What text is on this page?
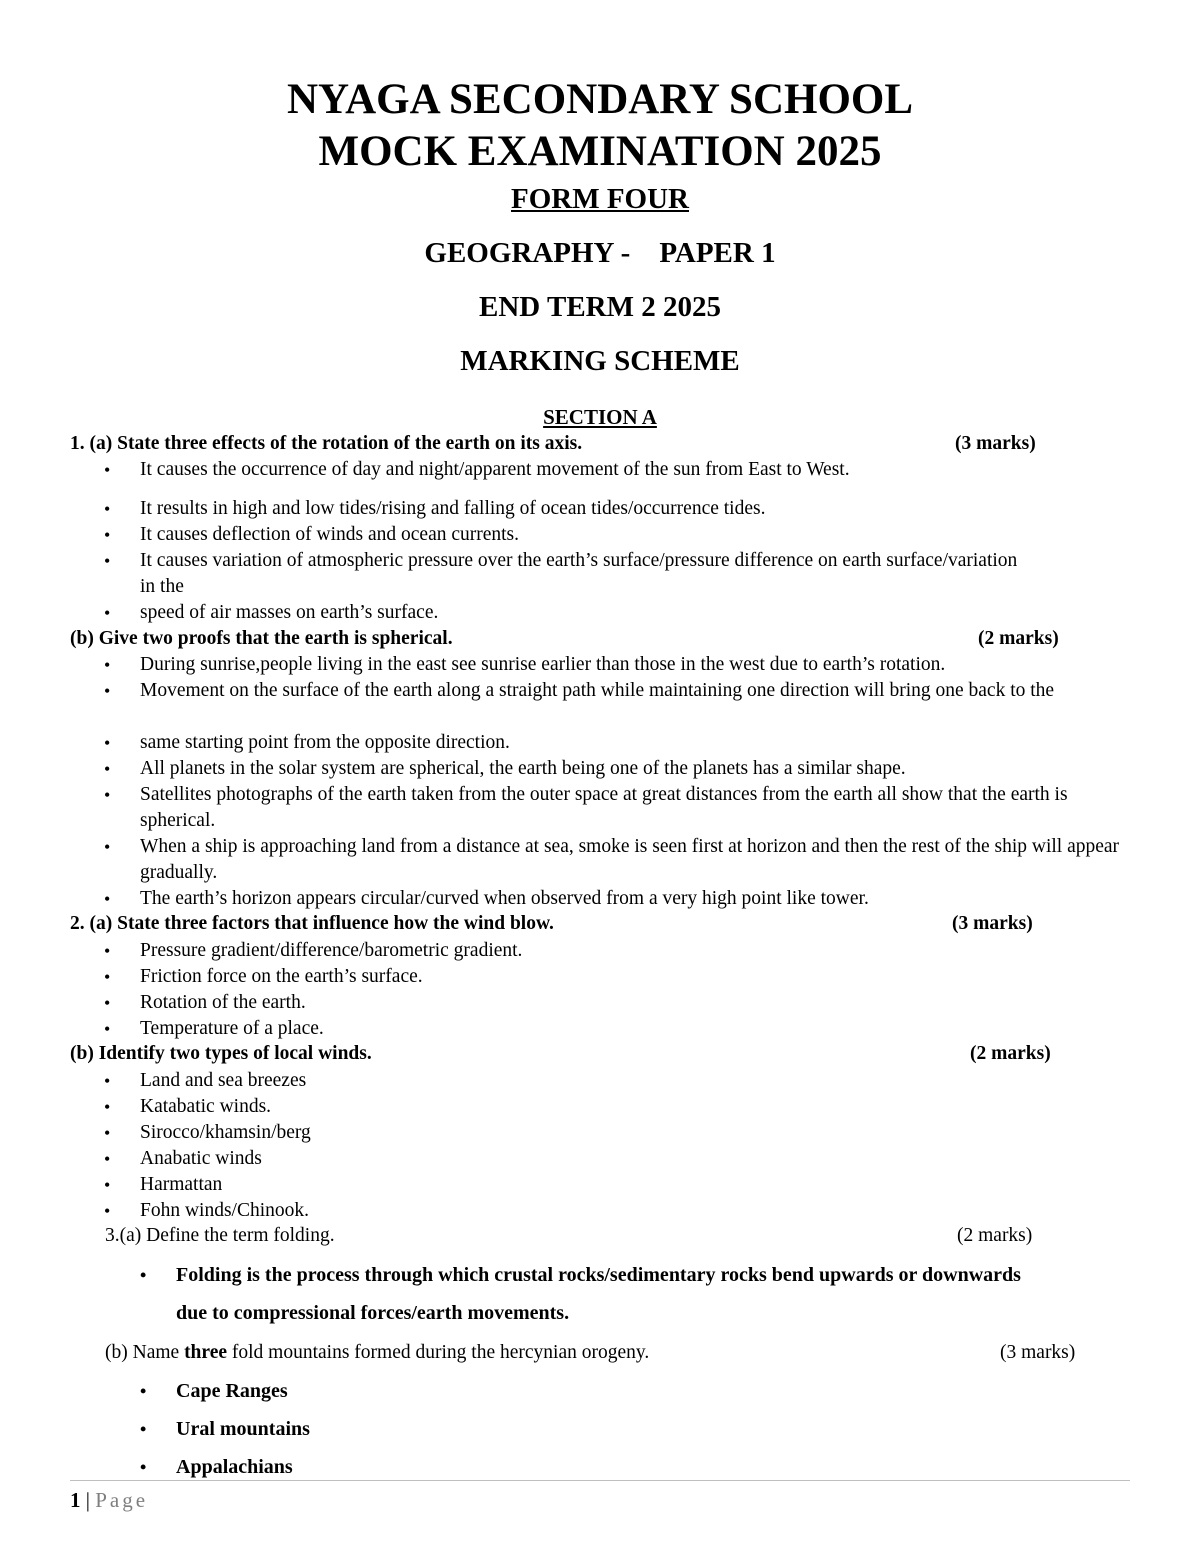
NYAGA SECONDARY SCHOOL
MOCK EXAMINATION 2025
FORM FOUR
GEOGRAPHY -    PAPER 1
END TERM 2 2025
MARKING SCHEME
SECTION A
1. (a) State three effects of the rotation of the earth on its axis.	(3 marks)
• It causes the occurrence of day and night/apparent movement of the sun from East to West.
• It results in high and low tides/rising and falling of ocean tides/occurrence tides.
• It causes deflection of winds and ocean currents.
• It causes variation of atmospheric pressure over the earth’s surface/pressure difference on earth surface/variation in the
• speed of air masses on earth’s surface.
(b) Give two proofs that the earth is spherical.	(2 marks)
• During sunrise,people living in the east see sunrise earlier than those in the west due to earth’s rotation.
• Movement on the surface of the earth along a straight path while maintaining one direction will bring one back to the
• same starting point from the opposite direction.
• All planets in the solar system are spherical, the earth being one of the planets has a similar shape.
• Satellites photographs of the earth taken from the outer space at great distances from the earth all show that the earth is spherical.
• When a ship is approaching land from a distance at sea, smoke is seen first at horizon and then the rest of the ship will appear gradually.
• The earth’s horizon appears circular/curved when observed from a very high point like tower.
2. (a) State three factors that influence how the wind blow.	(3 marks)
• Pressure gradient/difference/barometric gradient.
• Friction force on the earth’s surface.
• Rotation of the earth.
• Temperature of a place.
(b) Identify two types of local winds.	(2 marks)
• Land and sea breezes
• Katabatic winds.
• Sirocco/khamsin/berg
• Anabatic winds
• Harmattan
• Fohn winds/Chinook.
3.(a) Define the term folding.	(2 marks)
• Folding is the process through which crustal rocks/sedimentary rocks bend upwards or downwards due to compressional forces/earth movements.
(b) Name three fold mountains formed during the hercynian orogeny.	(3 marks)
• Cape Ranges
• Ural mountains
• Appalachians
1 | Page
